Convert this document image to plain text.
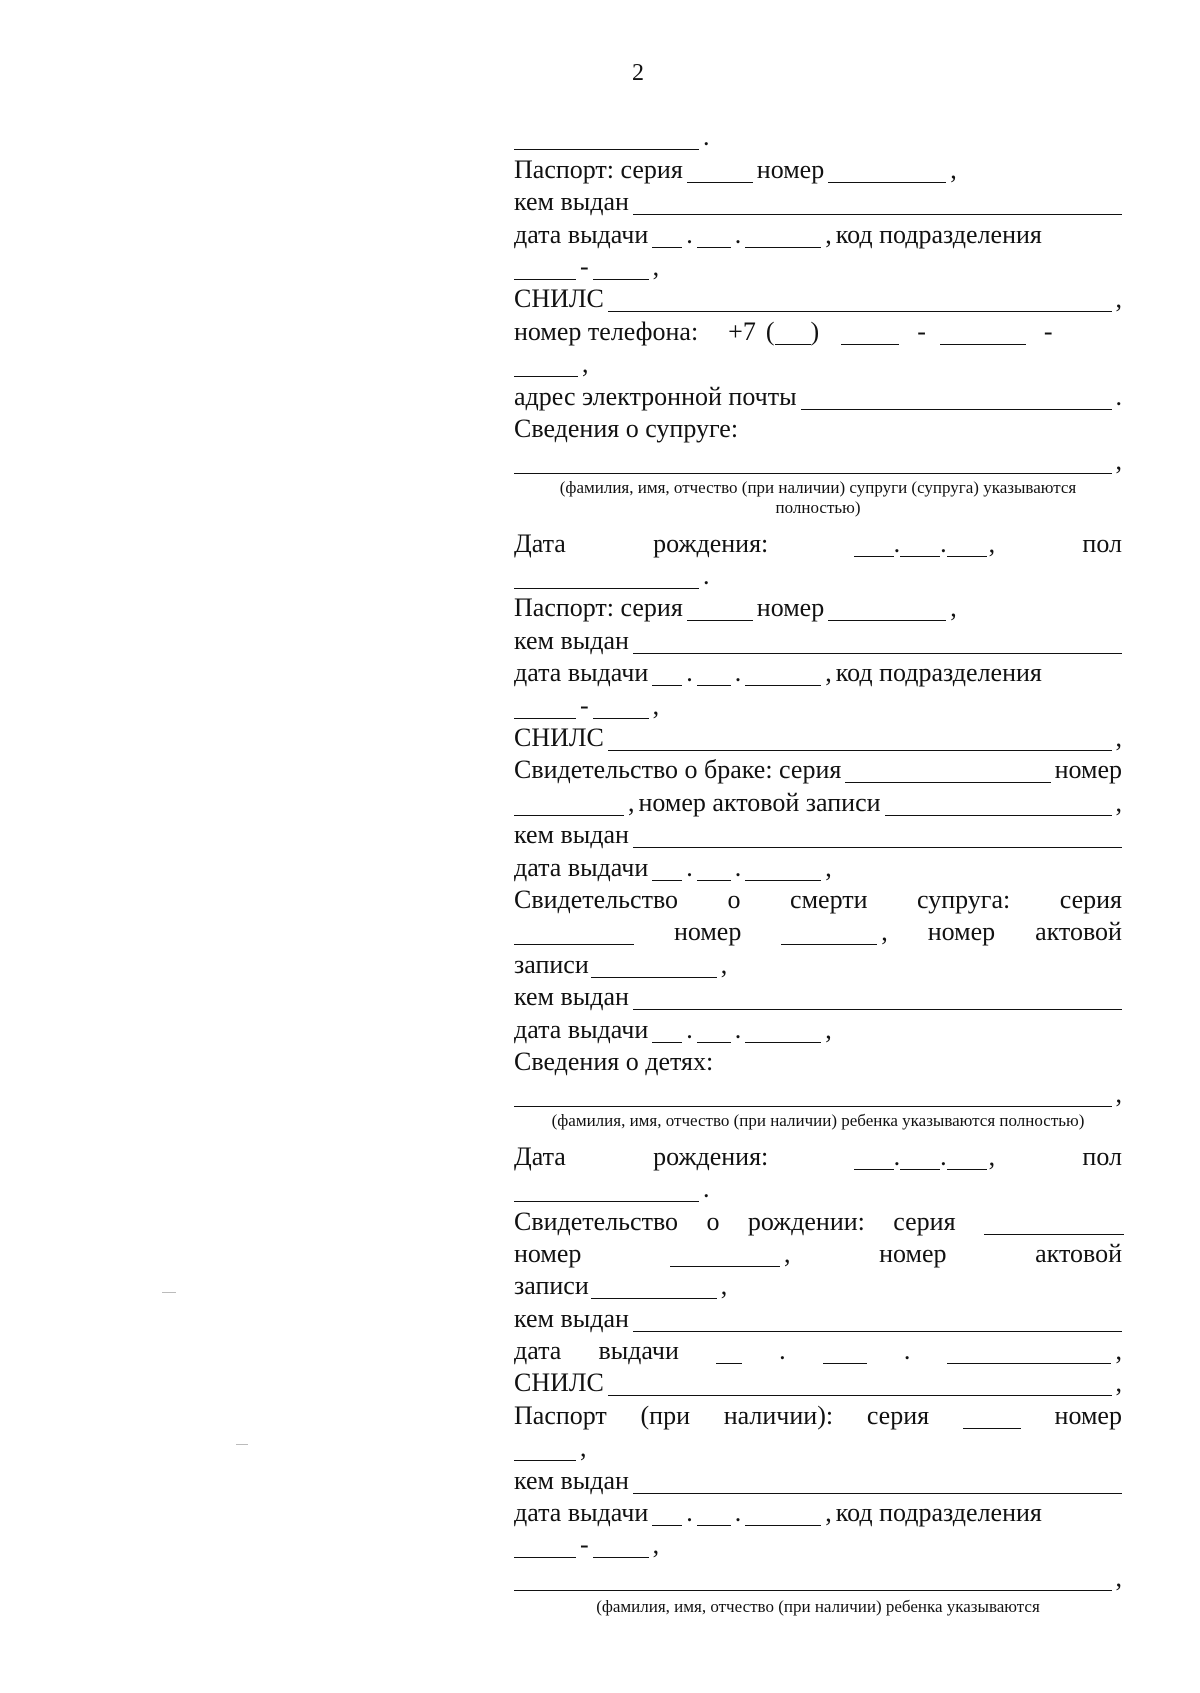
2
.
Паспорт: серия	номер	,
кем выдан
дата выдачи . .	, код подразделения
- ,
СНИЛС	,
номер телефона: +7 ( )	-	-
,
адрес электронной почты	.
Сведения о супруге:
,
(фамилия, имя, отчество (при наличии) супруги (супруга) указываются полностью)
Дата	рождения:	. . ,	пол
.
Паспорт: серия	номер	,
кем выдан
дата выдачи . .	, код подразделения
- ,
СНИЛС	,
Свидетельство о браке: серия	номер
, номер актовой записи	,
кем выдан
дата выдачи . .	,
Свидетельство о смерти супруга: серия
номер	, номер актовой
записи	,
кем выдан
дата выдачи . .	,
Сведения о детях:
,
(фамилия, имя, отчество (при наличии) ребенка указываются полностью)
Дата	рождения:	. . ,	пол
.
Свидетельство о рождении: серия
номер	,	номер	актовой
записи	,
кем выдан
дата выдачи	.	.	,
СНИЛС	,
Паспорт (при наличии): серия	номер
,
кем выдан
дата выдачи . .	, код подразделения
- ,
,
(фамилия, имя, отчество (при наличии) ребенка указываются
